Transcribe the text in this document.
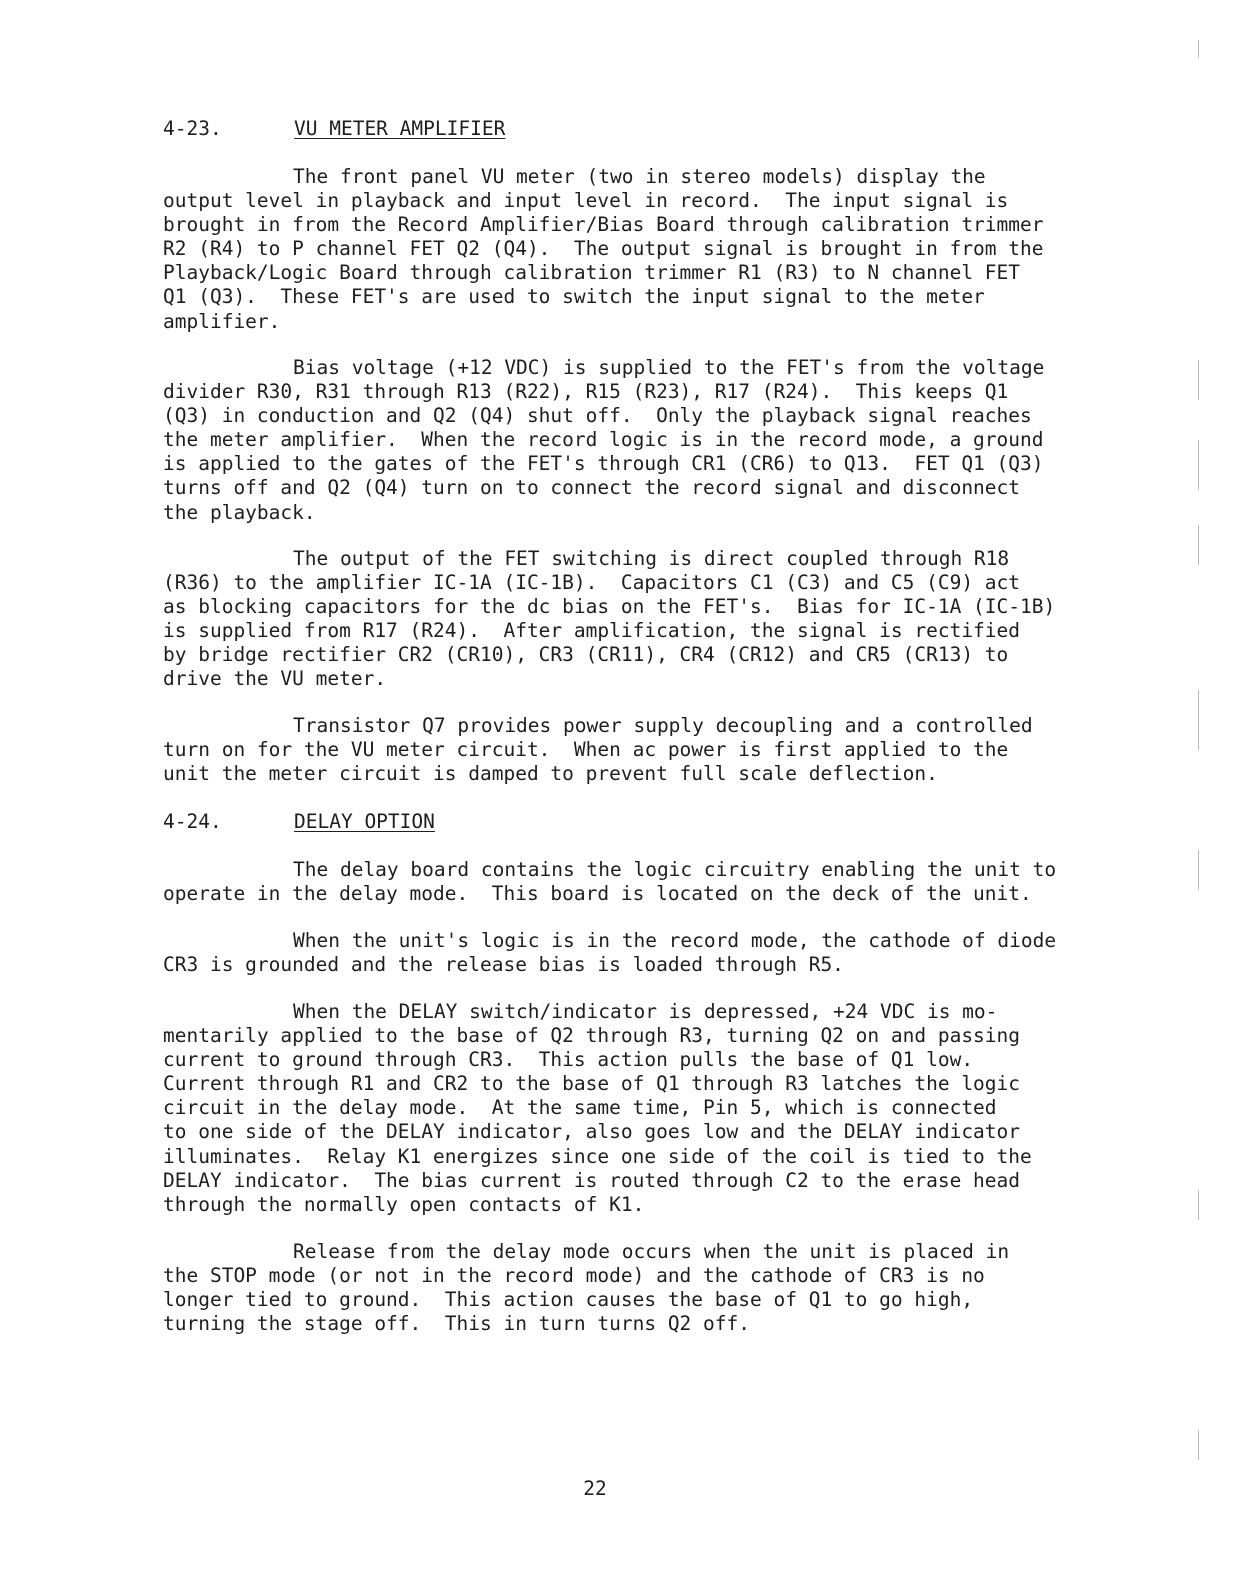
4-23.	VU METER AMPLIFIER
The front panel VU meter (two in stereo models) display the
output level in playback and input level in record.  The input signal is
brought in from the Record Amplifier/Bias Board through calibration trimmer
R2 (R4) to P channel FET Q2 (Q4).  The output signal is brought in from the
Playback/Logic Board through calibration trimmer R1 (R3) to N channel FET
Q1 (Q3).  These FET's are used to switch the input signal to the meter
amplifier.
Bias voltage (+12 VDC) is supplied to the FET's from the voltage
divider R30, R31 through R13 (R22), R15 (R23), R17 (R24).  This keeps Q1
(Q3) in conduction and Q2 (Q4) shut off.  Only the playback signal reaches
the meter amplifier.  When the record logic is in the record mode, a ground
is applied to the gates of the FET's through CR1 (CR6) to Q13.  FET Q1 (Q3)
turns off and Q2 (Q4) turn on to connect the record signal and disconnect
the playback.
The output of the FET switching is direct coupled through R18
(R36) to the amplifier IC-1A (IC-1B).  Capacitors C1 (C3) and C5 (C9) act
as blocking capacitors for the dc bias on the FET's.  Bias for IC-1A (IC-1B)
is supplied from R17 (R24).  After amplification, the signal is rectified
by bridge rectifier CR2 (CR10), CR3 (CR11), CR4 (CR12) and CR5 (CR13) to
drive the VU meter.
Transistor Q7 provides power supply decoupling and a controlled
turn on for the VU meter circuit.  When ac power is first applied to the
unit the meter circuit is damped to prevent full scale deflection.
4-24.	DELAY OPTION
The delay board contains the logic circuitry enabling the unit to
operate in the delay mode.  This board is located on the deck of the unit.
When the unit's logic is in the record mode, the cathode of diode
CR3 is grounded and the release bias is loaded through R5.
When the DELAY switch/indicator is depressed, +24 VDC is mo-
mentarily applied to the base of Q2 through R3, turning Q2 on and passing
current to ground through CR3.  This action pulls the base of Q1 low.
Current through R1 and CR2 to the base of Q1 through R3 latches the logic
circuit in the delay mode.  At the same time, Pin 5, which is connected
to one side of the DELAY indicator, also goes low and the DELAY indicator
illuminates.  Relay K1 energizes since one side of the coil is tied to the
DELAY indicator.  The bias current is routed through C2 to the erase head
through the normally open contacts of K1.
Release from the delay mode occurs when the unit is placed in
the STOP mode (or not in the record mode) and the cathode of CR3 is no
longer tied to ground.  This action causes the base of Q1 to go high,
turning the stage off.  This in turn turns Q2 off.
22
